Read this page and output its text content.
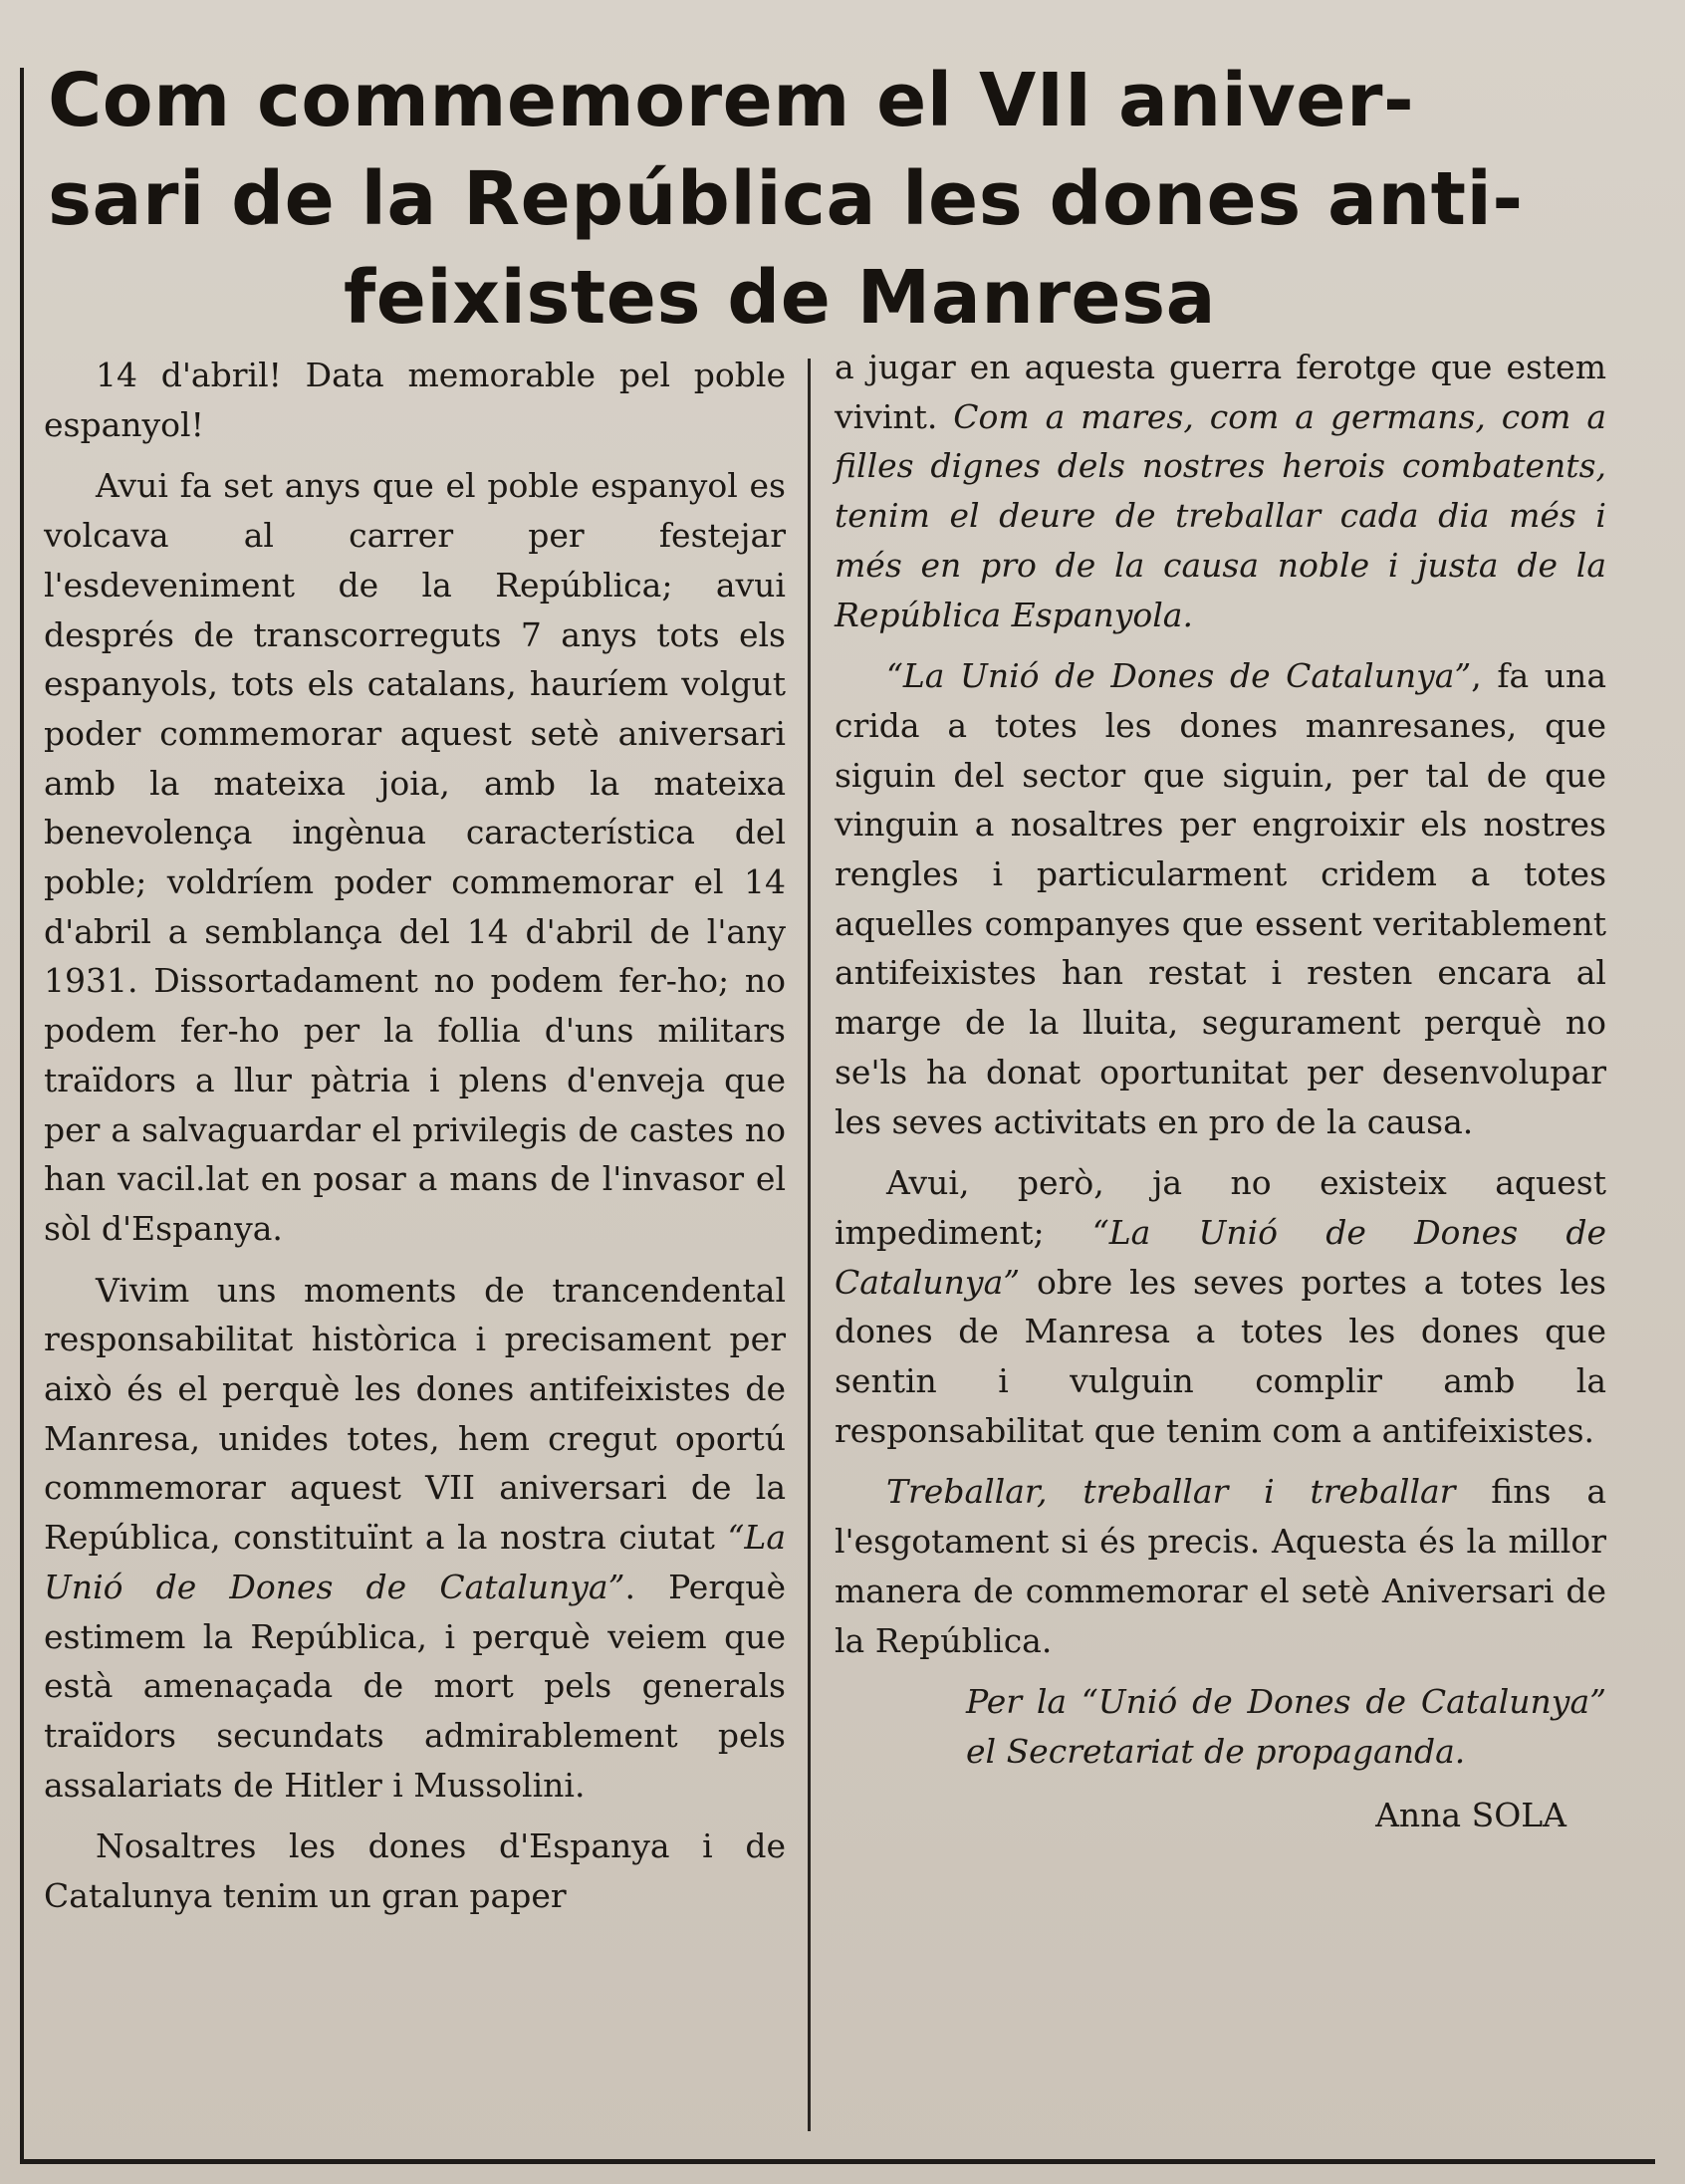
Com commemorem el VII aniver-
sari de la República les dones anti-
feixistes de Manresa

14 d'abril! Data memorable pel poble espanyol!

Avui fa set anys que el poble espanyol es volcava al carrer per festejar l'esdeveniment de la República; avui després de transcorreguts 7 anys tots els espanyols, tots els catalans, hauríem volgut poder commemorar aquest setè aniversari amb la mateixa joia, amb la mateixa benevolença ingènua característica del poble; voldríem poder commemorar el 14 d'abril a semblança del 14 d'abril de l'any 1931. Dissortadament no podem fer-ho; no podem fer-ho per la follia d'uns militars traïdors a llur pàtria i plens d'enveja que per a salvaguardar el privilegis de castes no han vacil.lat en posar a mans de l'invasor el sòl d'Espanya.

Vivim uns moments de trancendental responsabilitat històrica i precisament per això és el perquè les dones antifeixistes de Manresa, unides totes, hem cregut oportú commemorar aquest VII aniversari de la República, constituïnt a la nostra ciutat “La Unió de Dones de Catalunya”. Perquè estimem la República, i perquè veiem que està amenaçada de mort pels generals traïdors secundats admirablement pels assalariats de Hitler i Mussolini.

Nosaltres les dones d'Espanya i de Catalunya tenim un gran paper

a jugar en aquesta guerra ferotge que estem vivint. Com a mares, com a germans, com a filles dignes dels nostres herois combatents, tenim el deure de treballar cada dia més i més en pro de la causa noble i justa de la República Espanyola.

“La Unió de Dones de Catalunya”, fa una crida a totes les dones manresanes, que siguin del sector que siguin, per tal de que vinguin a nosaltres per engroixir els nostres rengles i particularment cridem a totes aquelles companyes que essent veritablement antifeixistes han restat i resten encara al marge de la lluita, segurament perquè no se'ls ha donat oportunitat per desenvolupar les seves activitats en pro de la causa.

Avui, però, ja no existeix aquest impediment; “La Unió de Dones de Catalunya” obre les seves portes a totes les dones de Manresa a totes les dones que sentin i vulguin complir amb la responsabilitat que tenim com a antifeixistes.

Treballar, treballar i treballar fins a l'esgotament si és precis. Aquesta és la millor manera de commemorar el setè Aniversari de la República.

Per la “Unió de Dones de Catalunya” el Secretariat de propaganda.

Anna SOLA
